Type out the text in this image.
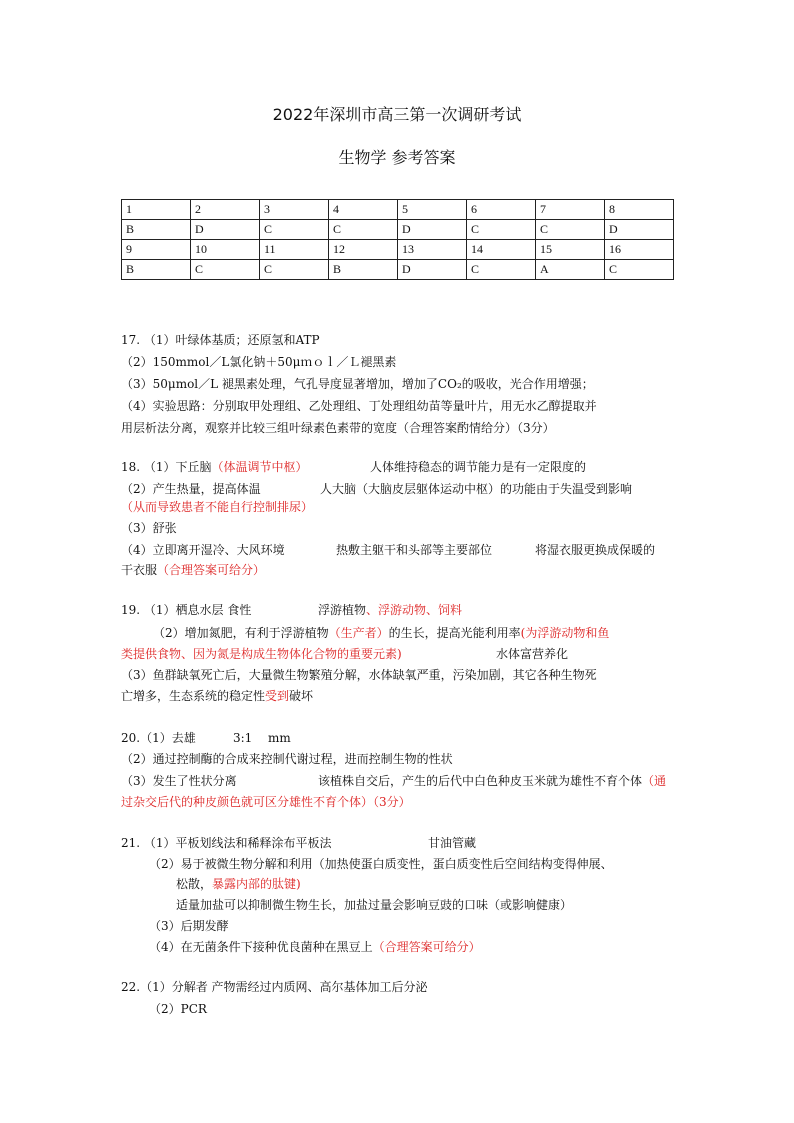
2022年深圳市高三第一次调研考试
生物学 参考答案
1	2	3	4	5	6	7	8
B	D	C	C	D	C	C	D
9	10	11	12	13	14	15	16
B	C	C	B	D	C	A	C
17. （1）叶绿体基质；还原氢和ATP
（2）150mmol／L氯化钠＋50μｍｏｌ／Ｌ褪黑素
（3）50μmol／L 褪黑素处理，气孔导度显著增加，增加了CO₂的吸收，光合作用增强；
（4）实验思路：分别取甲处理组、乙处理组、丁处理组幼苗等量叶片，用无水乙醇提取并
用层析法分离，观察并比较三组叶绿素色素带的宽度（合理答案酌情给分）（3分）
18. （1）下丘脑（体温调节中枢）	人体维持稳态的调节能力是有一定限度的
（2）产生热量，提高体温	人大脑（大脑皮层躯体运动中枢）的功能由于失温受到影响
（从而导致患者不能自行控制排尿）
（3）舒张
（4）立即离开湿冷、大风环境	热敷主躯干和头部等主要部位	将湿衣服更换成保暖的
干衣服（合理答案可给分）
19. （1）栖息水层 食性	浮游植物、浮游动物、饲料
（2）增加氮肥，有利于浮游植物（生产者）的生长，提高光能利用率(为浮游动物和鱼
类提供食物、因为氮是构成生物体化合物的重要元素)	水体富营养化
（3）鱼群缺氧死亡后，大量微生物繁殖分解，水体缺氧严重，污染加剧，其它各种生物死
亡增多，生态系统的稳定性受到破坏
20.（1）去雄	3:1 mm
（2）通过控制酶的合成来控制代谢过程，进而控制生物的性状
（3）发生了性状分离	该植株自交后，产生的后代中白色种皮玉米就为雄性不育个体（通
过杂交后代的种皮颜色就可区分雄性不育个体）（3分）
21. （1）平板划线法和稀释涂布平板法	甘油管藏
（2）易于被微生物分解和利用（加热使蛋白质变性，蛋白质变性后空间结构变得伸展、
松散，暴露内部的肽键)
适量加盐可以抑制微生物生长，加盐过量会影响豆豉的口味（或影响健康）
（3）后期发酵
（4）在无菌条件下接种优良菌种在黑豆上（合理答案可给分）
22.（1）分解者 产物需经过内质网、高尔基体加工后分泌
（2）PCR
